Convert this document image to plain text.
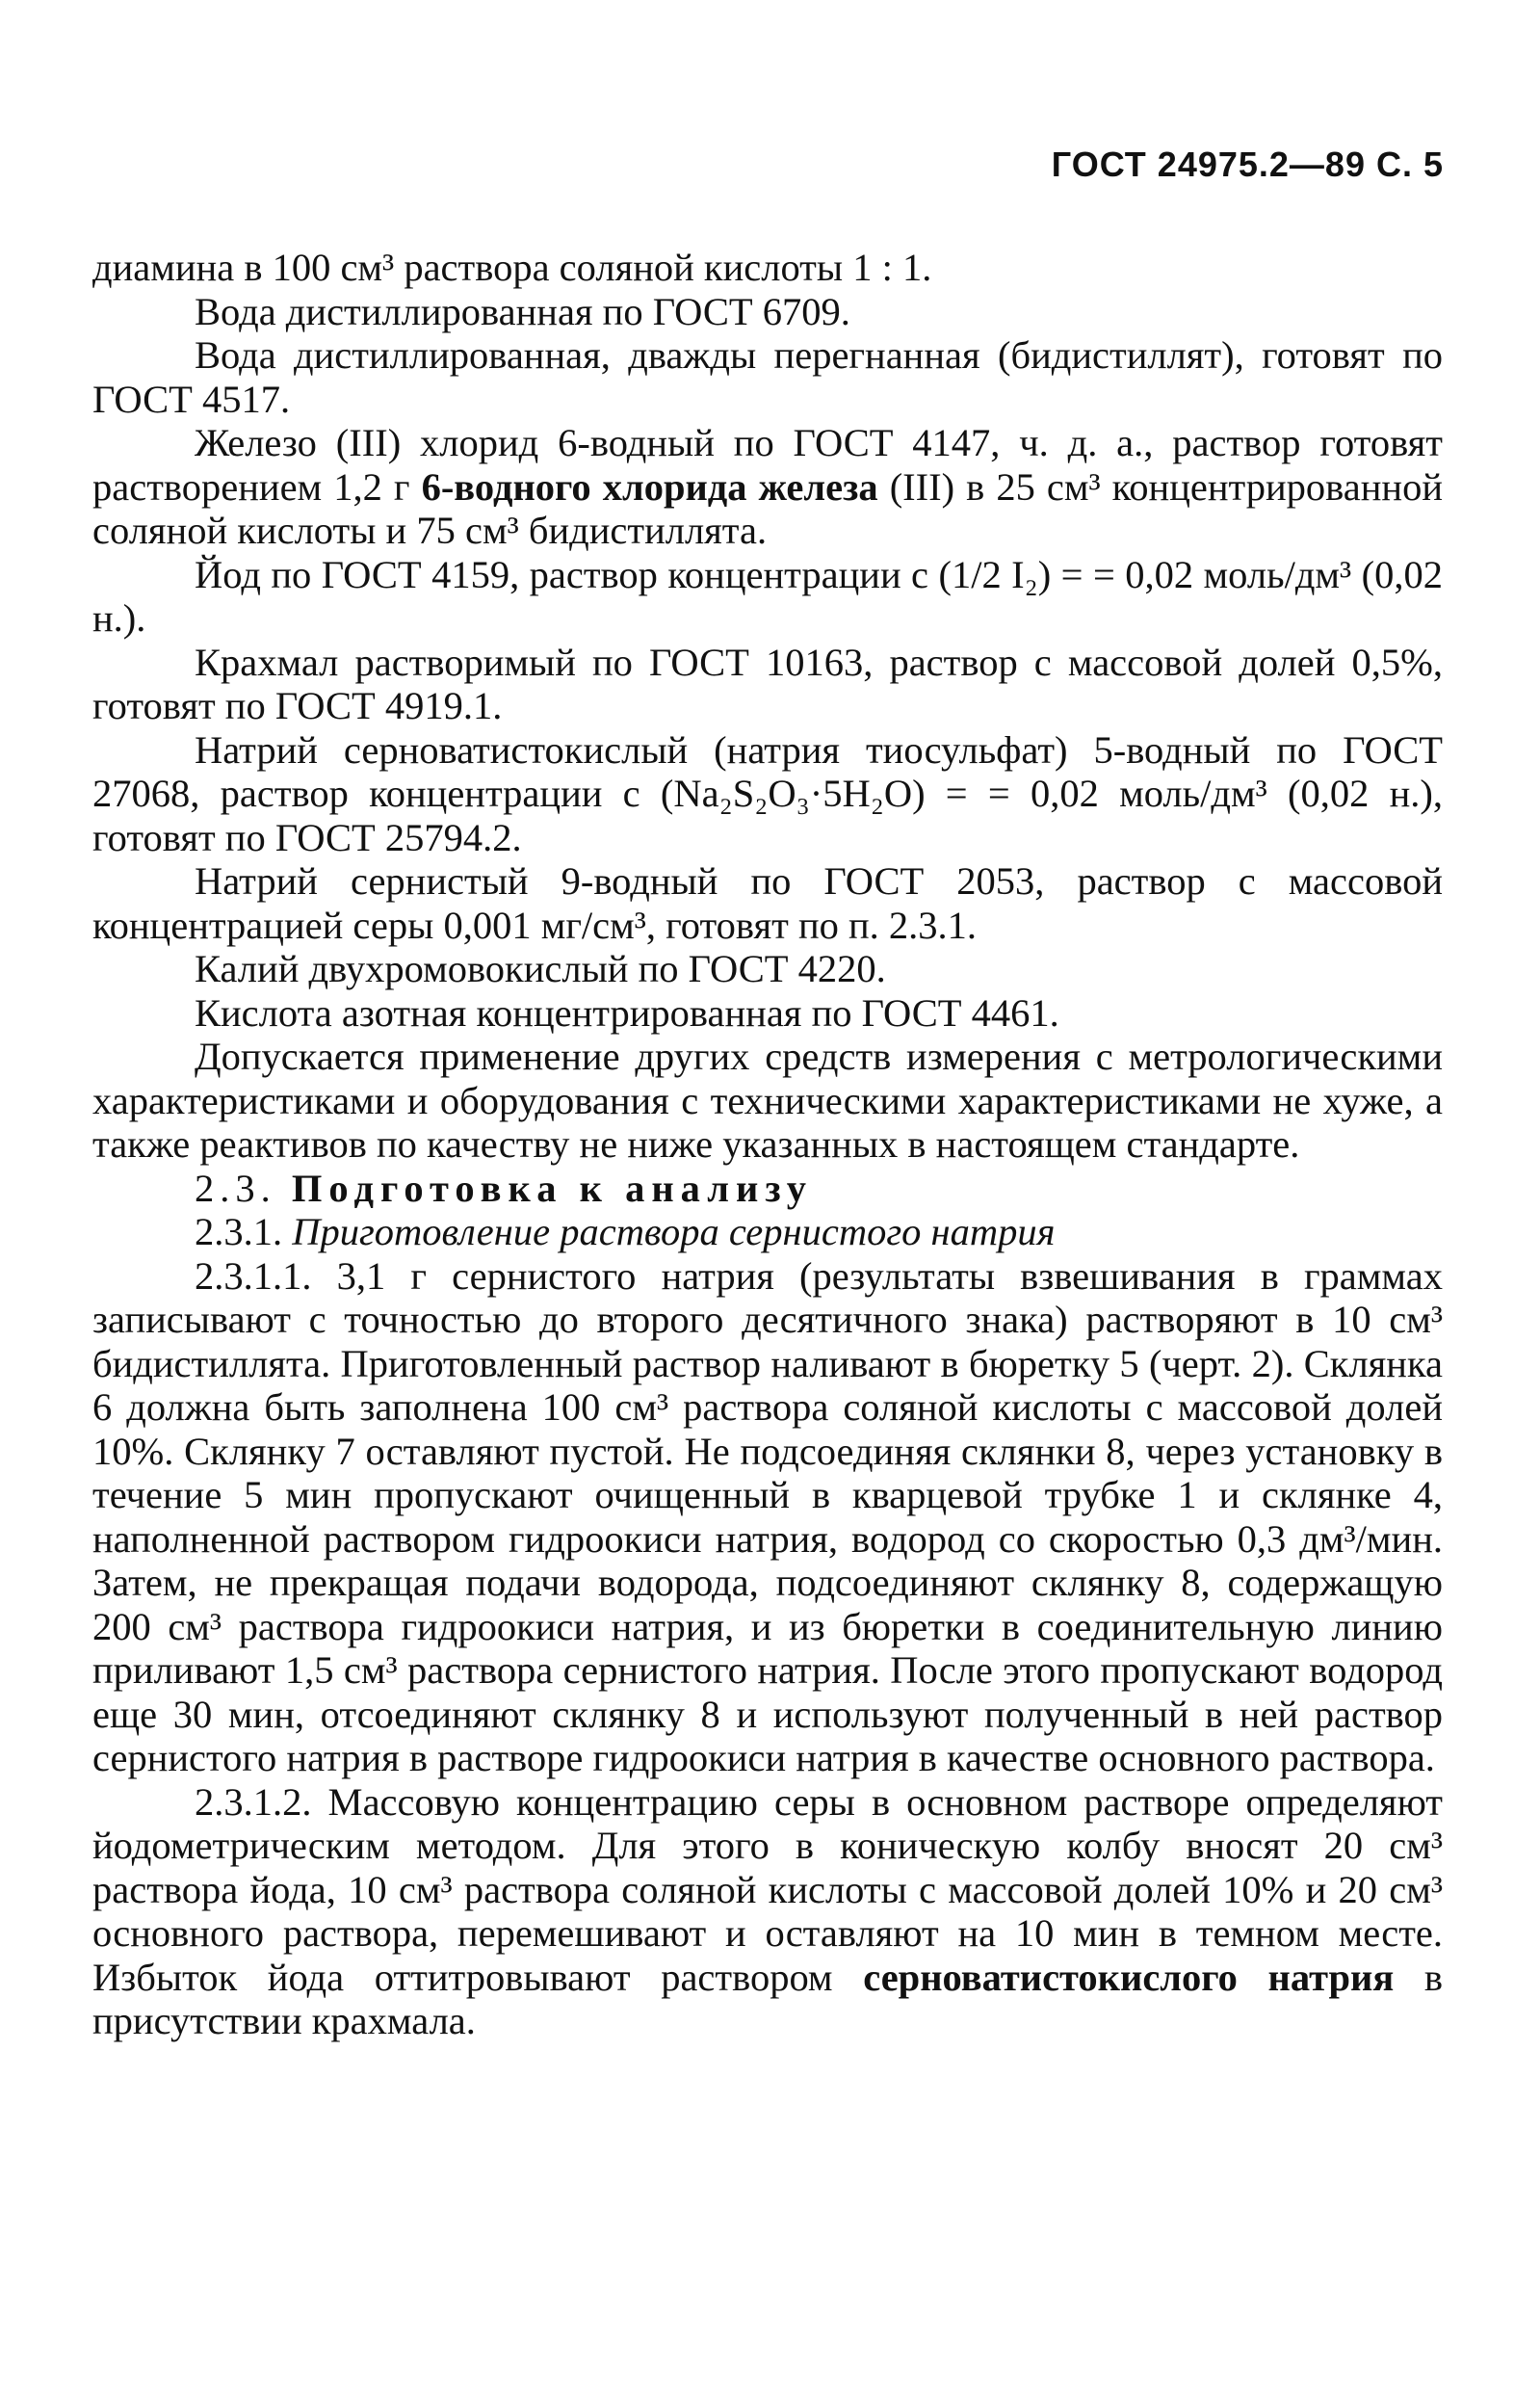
ГОСТ 24975.2—89 С. 5

диамина в 100 см³ раствора соляной кислоты 1 : 1.

Вода дистиллированная по ГОСТ 6709.

Вода дистиллированная, дважды перегнанная (бидистиллят), готовят по ГОСТ 4517.

Железо (III) хлорид 6-водный по ГОСТ 4147, ч. д. а., раствор готовят растворением 1,2 г 6-водного хлорида железа (III) в 25 см³ концентрированной соляной кислоты и 75 см³ бидистиллята.

Йод по ГОСТ 4159, раствор концентрации с (1/2 I₂) = = 0,02 моль/дм³ (0,02 н.).

Крахмал растворимый по ГОСТ 10163, раствор с массовой долей 0,5%, готовят по ГОСТ 4919.1.

Натрий серноватистокислый (натрия тиосульфат) 5-водный по ГОСТ 27068, раствор концентрации с (Na₂S₂O₃·5H₂O) = = 0,02 моль/дм³ (0,02 н.), готовят по ГОСТ 25794.2.

Натрий сернистый 9-водный по ГОСТ 2053, раствор с массовой концентрацией серы 0,001 мг/см³, готовят по п. 2.3.1.

Калий двухромовокислый по ГОСТ 4220.

Кислота азотная концентрированная по ГОСТ 4461.

Допускается применение других средств измерения с метрологическими характеристиками и оборудования с техническими характеристиками не хуже, а также реактивов по качеству не ниже указанных в настоящем стандарте.

2.3. Подготовка к анализу

2.3.1. Приготовление раствора сернистого натрия

2.3.1.1. 3,1 г сернистого натрия (результаты взвешивания в граммах записывают с точностью до второго десятичного знака) растворяют в 10 см³ бидистиллята. Приготовленный раствор наливают в бюретку 5 (черт. 2). Склянка 6 должна быть заполнена 100 см³ раствора соляной кислоты с массовой долей 10%. Склянку 7 оставляют пустой. Не подсоединяя склянки 8, через установку в течение 5 мин пропускают очищенный в кварцевой трубке 1 и склянке 4, наполненной раствором гидроокиси натрия, водород со скоростью 0,3 дм³/мин. Затем, не прекращая подачи водорода, подсоединяют склянку 8, содержащую 200 см³ раствора гидроокиси натрия, и из бюретки в соединительную линию приливают 1,5 см³ раствора сернистого натрия. После этого пропускают водород еще 30 мин, отсоединяют склянку 8 и используют полученный в ней раствор сернистого натрия в растворе гидроокиси натрия в качестве основного раствора.

2.3.1.2. Массовую концентрацию серы в основном растворе определяют йодометрическим методом. Для этого в коническую колбу вносят 20 см³ раствора йода, 10 см³ раствора соляной кислоты с массовой долей 10% и 20 см³ основного раствора, перемешивают и оставляют на 10 мин в темном месте. Избыток йода оттитровывают раствором серноватистокислого натрия в присутствии крахмала.
